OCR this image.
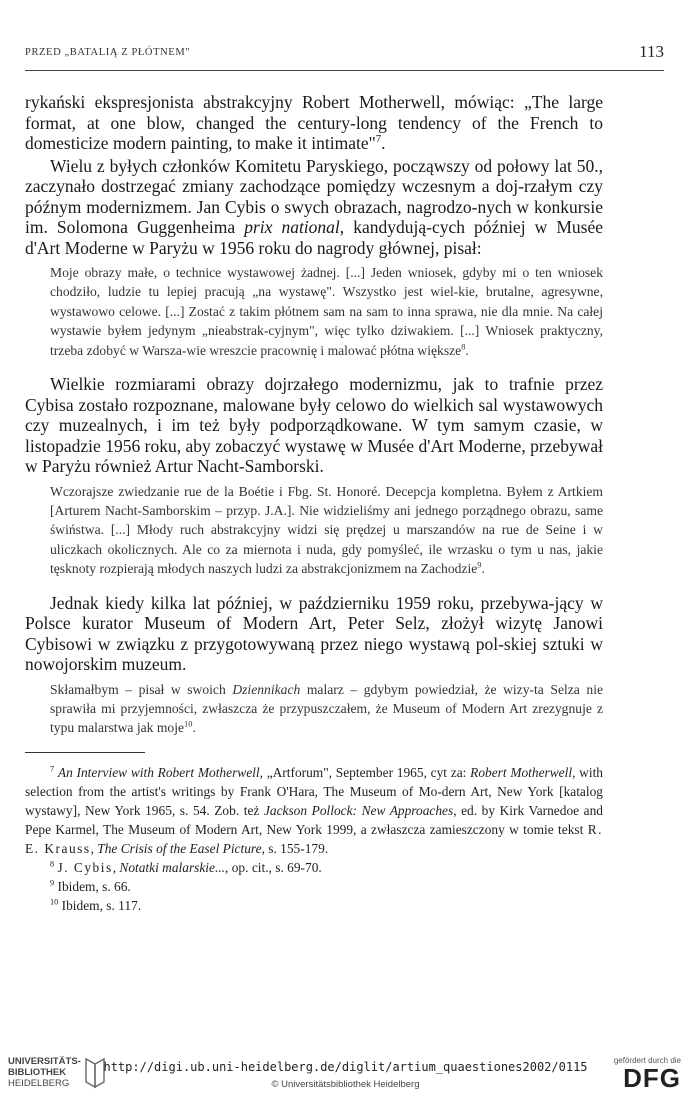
PRZED „BATALIĄ Z PŁÓTNEM"	113

rykański ekspresjonista abstrakcyjny Robert Motherwell, mówiąc: „The large format, at one blow, changed the century-long tendency of the French to domesticize modern painting, to make it intimate"$^7$.

Wielu z byłych członków Komitetu Paryskiego, począwszy od połowy lat 50., zaczynało dostrzegać zmiany zachodzące pomiędzy wczesnym a doj-rzałym czy późnym modernizmem. Jan Cybis o swych obrazach, nagrodzo-nych w konkursie im. Solomona Guggenheima prix national, kandydują-cych później w Musée d'Art Moderne w Paryżu w 1956 roku do nagrody głównej, pisał:

Moje obrazy małe, o technice wystawowej żadnej. [...] Jeden wniosek, gdyby mi o ten wniosek chodziło, ludzie tu lepiej pracują „na wystawę". Wszystko jest wiel-kie, brutalne, agresywne, wystawowo celowe. [...] Zostać z takim płótnem sam na sam to inna sprawa, nie dla mnie. Na całej wystawie byłem jedynym „nieabstrak-cyjnym", więc tylko dziwakiem. [...] Wniosek praktyczny, trzeba zdobyć w Warsza-wie wreszcie pracownię i malować płótna większe$^8$.

Wielkie rozmiarami obrazy dojrzałego modernizmu, jak to trafnie przez Cybisa zostało rozpoznane, malowane były celowo do wielkich sal wystawowych czy muzealnych, i im też były podporządkowane. W tym samym czasie, w listopadzie 1956 roku, aby zobaczyć wystawę w Musée d'Art Moderne, przebywał w Paryżu również Artur Nacht-Samborski.

Wczorajsze zwiedzanie rue de la Boétie i Fbg. St. Honoré. Decepcja kompletna. Byłem z Artkiem [Arturem Nacht-Samborskim – przyp. J.A.]. Nie widzieliśmy ani jednego porządnego obrazu, same świństwa. [...] Młody ruch abstrakcyjny widzi się prędzej u marszandów na rue de Seine i w uliczkach okolicznych. Ale co za miernota i nuda, gdy pomyśleć, ile wrzasku o tym u nas, jakie tęsknoty rozpierają młodych naszych ludzi za abstrakcjonizmem na Zachodzie$^9$.

Jednak kiedy kilka lat później, w październiku 1959 roku, przebywa-jący w Polsce kurator Museum of Modern Art, Peter Selz, złożył wizytę Janowi Cybisowi w związku z przygotowywaną przez niego wystawą pol-skiej sztuki w nowojorskim muzeum.

Skłamałbym – pisał w swoich Dziennikach malarz – gdybym powiedział, że wizy-ta Selza nie sprawiła mi przyjemności, zwłaszcza że przypuszczałem, że Museum of Modern Art zrezygnuje z typu malarstwa jak moje$^{10}$.

$^7$ An Interview with Robert Motherwell, „Artforum", September 1965, cyt za: Robert Motherwell, with selection from the artist's writings by Frank O'Hara, The Museum of Mo-dern Art, New York [katalog wystawy], New York 1965, s. 54. Zob. też Jackson Pollock: New Approaches, ed. by Kirk Varnedoe and Pepe Karmel, The Museum of Modern Art, New York 1999, a zwłaszcza zamieszczony w tomie tekst R. E. Krauss, The Crisis of the Easel Picture, s. 155-179.

$^8$ J. Cybis, Notatki malarskie..., op. cit., s. 69-70.

$^9$ Ibidem, s. 66.

$^{10}$ Ibidem, s. 117.

UNIVERSITÄTS-
BIBLIOTHEK
HEIDELBERG
http://digi.ub.uni-heidelberg.de/diglit/artium_quaestiones2002/0115
© Universitätsbibliothek Heidelberg
gefördert durch die
DFG
